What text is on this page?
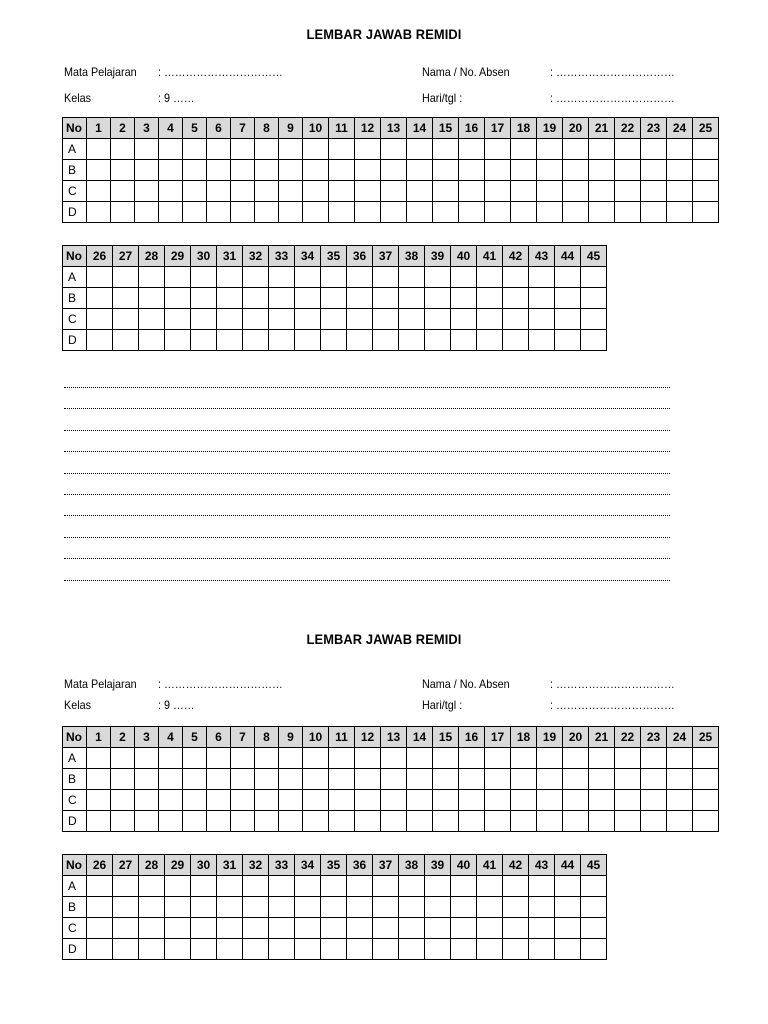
LEMBAR JAWAB REMIDI
Mata Pelajaran : ……………………………	Nama / No. Absen	: ……………………………
Kelas	: 9 ……	Hari/tgl :	: ……………………………
No	1	2	3	4	5	6	7	8	9	10	11	12	13	14	15	16	17	18	19	20	21	22	23	24	25
A																									
B																									
C																									
D																									
No	26	27	28	29	30	31	32	33	34	35	36	37	38	39	40	41	42	43	44	45
A																				
B																				
C																				
D																				
LEMBAR JAWAB REMIDI
Mata Pelajaran : ……………………………	Nama / No. Absen	: ……………………………
Kelas	: 9 ……	Hari/tgl :	: ……………………………
No	1	2	3	4	5	6	7	8	9	10	11	12	13	14	15	16	17	18	19	20	21	22	23	24	25
A																									
B																									
C																									
D																									
No	26	27	28	29	30	31	32	33	34	35	36	37	38	39	40	41	42	43	44	45
A																				
B																				
C																				
D																				
